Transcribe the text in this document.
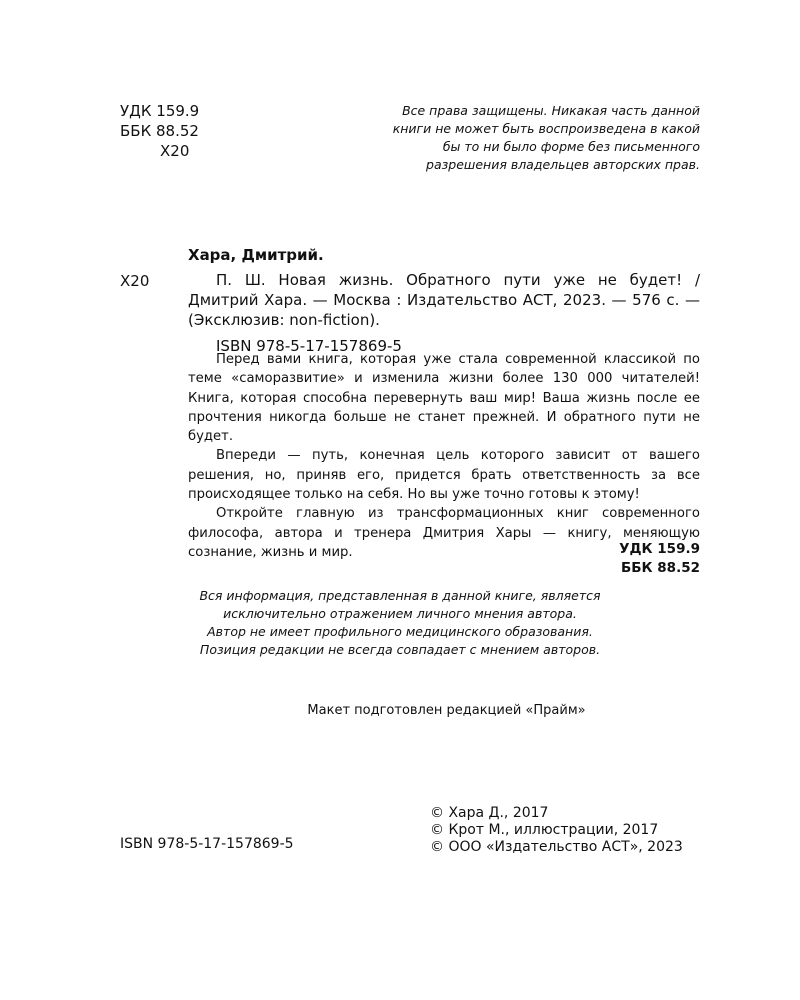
УДК 159.9
ББК 88.52
Х20
Все права защищены. Никакая часть данной
книги не может быть воспроизведена в какой
бы то ни было форме без письменного
разрешения владельцев авторских прав.
Хара, Дмитрий.
Х20	П. Ш. Новая жизнь. Обратного пути уже не будет! / Дмитрий Хара. — Москва : Издательство АСТ, 2023. — 576 с. — (Эксклюзив: non-fiction).

ISBN 978-5-17-157869-5

Перед вами книга, которая уже стала современной классикой по теме «саморазвитие» и изменила жизни более 130 000 читателей! Книга, которая способна перевернуть ваш мир! Ваша жизнь после ее прочтения никогда больше не станет прежней. И обратного пути не будет.

Впереди — путь, конечная цель которого зависит от вашего решения, но, приняв его, придется брать ответственность за все происходящее только на себя. Но вы уже точно готовы к этому!

Откройте главную из трансформационных книг современного философа, автора и тренера Дмитрия Хары — книгу, меняющую сознание, жизнь и мир.	УДК 159.9
ББК 88.52
Вся информация, представленная в данной книге, является
исключительно отражением личного мнения автора.
Автор не имеет профильного медицинского образования.
Позиция редакции не всегда совпадает с мнением авторов.
Макет подготовлен редакцией «Прайм»
© Хара Д., 2017
© Крот М., иллюстрации, 2017
© ООО «Издательство АСТ», 2023
ISBN 978-5-17-157869-5
